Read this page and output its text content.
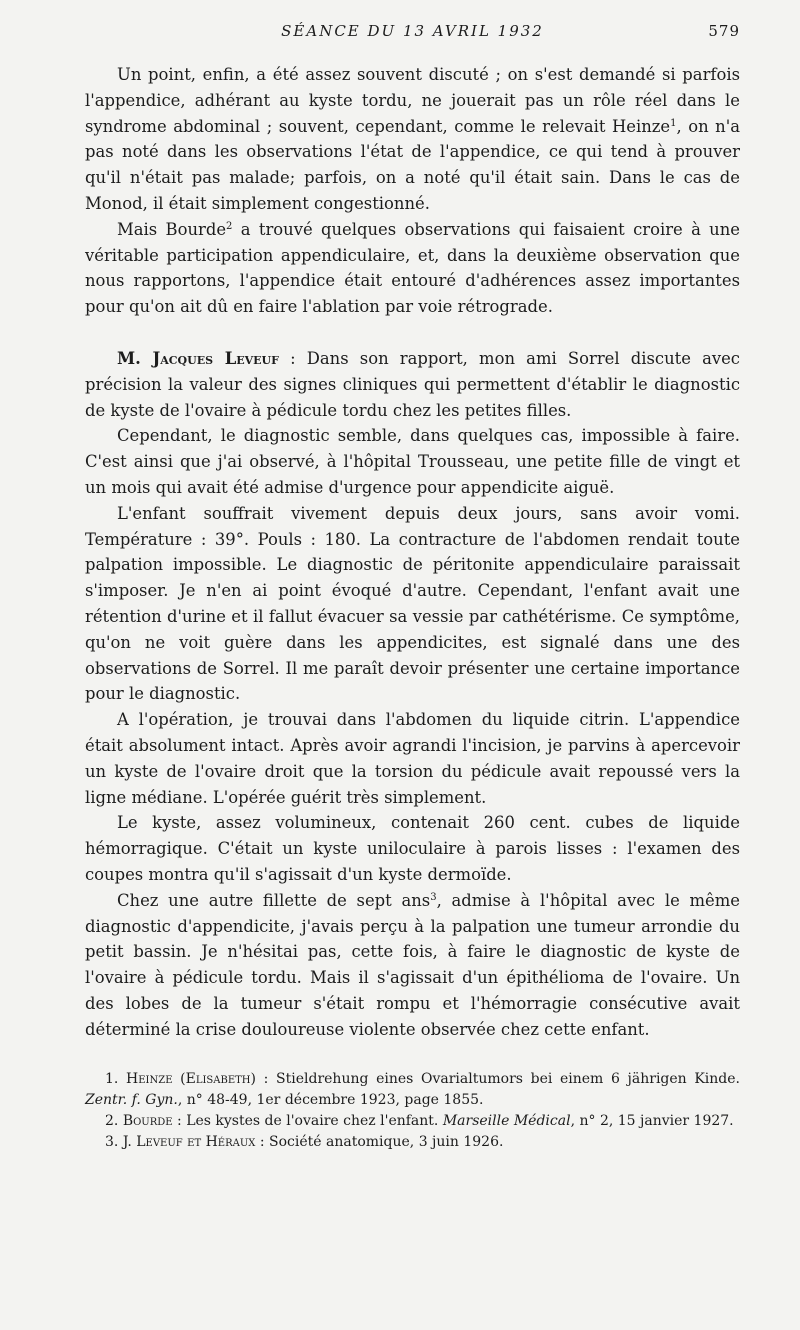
SÉANCE DU 13 AVRIL 1932	579

Un point, enfin, a été assez souvent discuté ; on s'est demandé si parfois l'appendice, adhérant au kyste tordu, ne jouerait pas un rôle réel dans le syndrome abdominal ; souvent, cependant, comme le relevait Heinze$^1$, on n'a pas noté dans les observations l'état de l'appendice, ce qui tend à prouver qu'il n'était pas malade; parfois, on a noté qu'il était sain. Dans le cas de Monod, il était simplement congestionné.

Mais Bourde$^2$ a trouvé quelques observations qui faisaient croire à une véritable participation appendiculaire, et, dans la deuxième observation que nous rapportons, l'appendice était entouré d'adhérences assez importantes pour qu'on ait dû en faire l'ablation par voie rétrograde.

M. Jacques Leveuf : Dans son rapport, mon ami Sorrel discute avec précision la valeur des signes cliniques qui permettent d'établir le diagnostic de kyste de l'ovaire à pédicule tordu chez les petites filles.

Cependant, le diagnostic semble, dans quelques cas, impossible à faire. C'est ainsi que j'ai observé, à l'hôpital Trousseau, une petite fille de vingt et un mois qui avait été admise d'urgence pour appendicite aiguë.

L'enfant souffrait vivement depuis deux jours, sans avoir vomi. Température : 39°. Pouls : 180. La contracture de l'abdomen rendait toute palpation impossible. Le diagnostic de péritonite appendiculaire paraissait s'imposer. Je n'en ai point évoqué d'autre. Cependant, l'enfant avait une rétention d'urine et il fallut évacuer sa vessie par cathétérisme. Ce symptôme, qu'on ne voit guère dans les appendicites, est signalé dans une des observations de Sorrel. Il me paraît devoir présenter une certaine importance pour le diagnostic.

A l'opération, je trouvai dans l'abdomen du liquide citrin. L'appendice était absolument intact. Après avoir agrandi l'incision, je parvins à apercevoir un kyste de l'ovaire droit que la torsion du pédicule avait repoussé vers la ligne médiane. L'opérée guérit très simplement.

Le kyste, assez volumineux, contenait 260 cent. cubes de liquide hémorragique. C'était un kyste uniloculaire à parois lisses : l'examen des coupes montra qu'il s'agissait d'un kyste dermoïde.

Chez une autre fillette de sept ans$^3$, admise à l'hôpital avec le même diagnostic d'appendicite, j'avais perçu à la palpation une tumeur arrondie du petit bassin. Je n'hésitai pas, cette fois, à faire le diagnostic de kyste de l'ovaire à pédicule tordu. Mais il s'agissait d'un épithélioma de l'ovaire. Un des lobes de la tumeur s'était rompu et l'hémorragie consécutive avait déterminé la crise douloureuse violente observée chez cette enfant.

1. Heinze (Elisabeth) : Stieldrehung eines Ovarialtumors bei einem 6 jährigen Kinde. Zentr. f. Gyn., n° 48-49, 1er décembre 1923, page 1855.

2. Bourde : Les kystes de l'ovaire chez l'enfant. Marseille Médical, n° 2, 15 janvier 1927.

3. J. Leveuf et Héraux : Société anatomique, 3 juin 1926.
